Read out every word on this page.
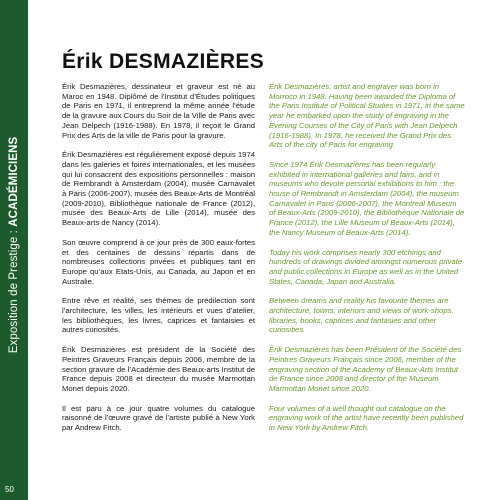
Exposition de Prestige : ACADÉMICIENS
50
Érik DESMAZIÈRES

Érik Desmazières, dessinateur et graveur est né au Maroc en 1948. Diplômé de l’Institut d’Études politiques de Paris en 1971, il entreprend la même année l’étude de la gravure aux Cours du Soir de la Ville de Paris avec Jean Delpech (1916-1988). En 1978, il reçoit le Grand Prix des Arts de la ville de Paris pour la gravure.

Érik Desmazières est régulièrement exposé depuis 1974 dans les galeries et foires internationales, et les musées qui lui consacrent des expositions personnelles : maison de Rembrandt à Amsterdam (2004), musée Carnavalet à Paris (2006-2007), musée des Beaux-Arts de Montréal (2009-2010), Bibliothèque nationale de France (2012), musée des Beaux-Arts de Lille (2014), musée des Beaux-arts de Nancy (2014).

Son œuvre comprend à ce jour près de 300 eaux-fortes et des centaines de dessins répartis dans de nombreuses collections privées et publiques tant en Europe qu’aux Etats-Unis, au Canada, au Japon et en Australie.

Entre rêve et réalité, ses thèmes de prédilection sont l’architecture, les villes, les intérieurs et vues d’atelier, les bibliothèques, les livres, caprices et fantaisies et autres curiosités.

Érik Desmazières est président de la Société des Peintres Graveurs Français depuis 2006, membre de la section gravure de l’Académie des Beaux-arts Institut de France depuis 2008 et directeur du musée Marmottan Monet depuis 2020.

Il est paru à ce jour quatre volumes du catalogue raisonné de l’œuvre gravé de l’artiste publié à New York par Andrew Fitch.

Érik Desmazières, artist and engraver was born in Morroco in 1948. Having been awarded the Diploma of the Paris Institute of Political Studies in 1971, in the same year he embarked upon the study of engraving in the Evening Courses of the City of Paris with Jean Delpech (1916-1988). In 1978, he received the Grand Prix des Arts of the city of Paris for engraving.

Since 1974 Érik Desmazières has been regularly exhibited in international galleries and fairs, and in museums who devote personal exhibitions to him : the house of Rembrandt in Amsterdam (2004), the museum Carnavalet in Paris (2006-2007), the Montreal Museum of Beaux-Arts (2009-2010), the Bibliothèque Nationale de France (2012), the Lille Museum of Beaux-Arts (2014), the Nancy Museum of Beaux-Arts (2014).

Today his work comprises nearly 300 etchings and hundreds of drawings divided amongst numerous private and public collections in Europe as well as in the United States, Canada, Japan and Australia.

Between dreams and reality his favourite themes are architecture, towns, interiors and views of work-shops, libraries, books, caprices and fantasies and other curiosities.

Érik Desmazières has been Président of the Société des Peintres Graveurs Français since 2006, member of the engraving section of the Academy of Beaux-Arts Institut de France since 2008 and director of the Museum Marmottan Monet since 2020.

Four volumes of a well thought out catalogue on the engraving work of the artist have recently been published in New York by Andrew Fitch.
